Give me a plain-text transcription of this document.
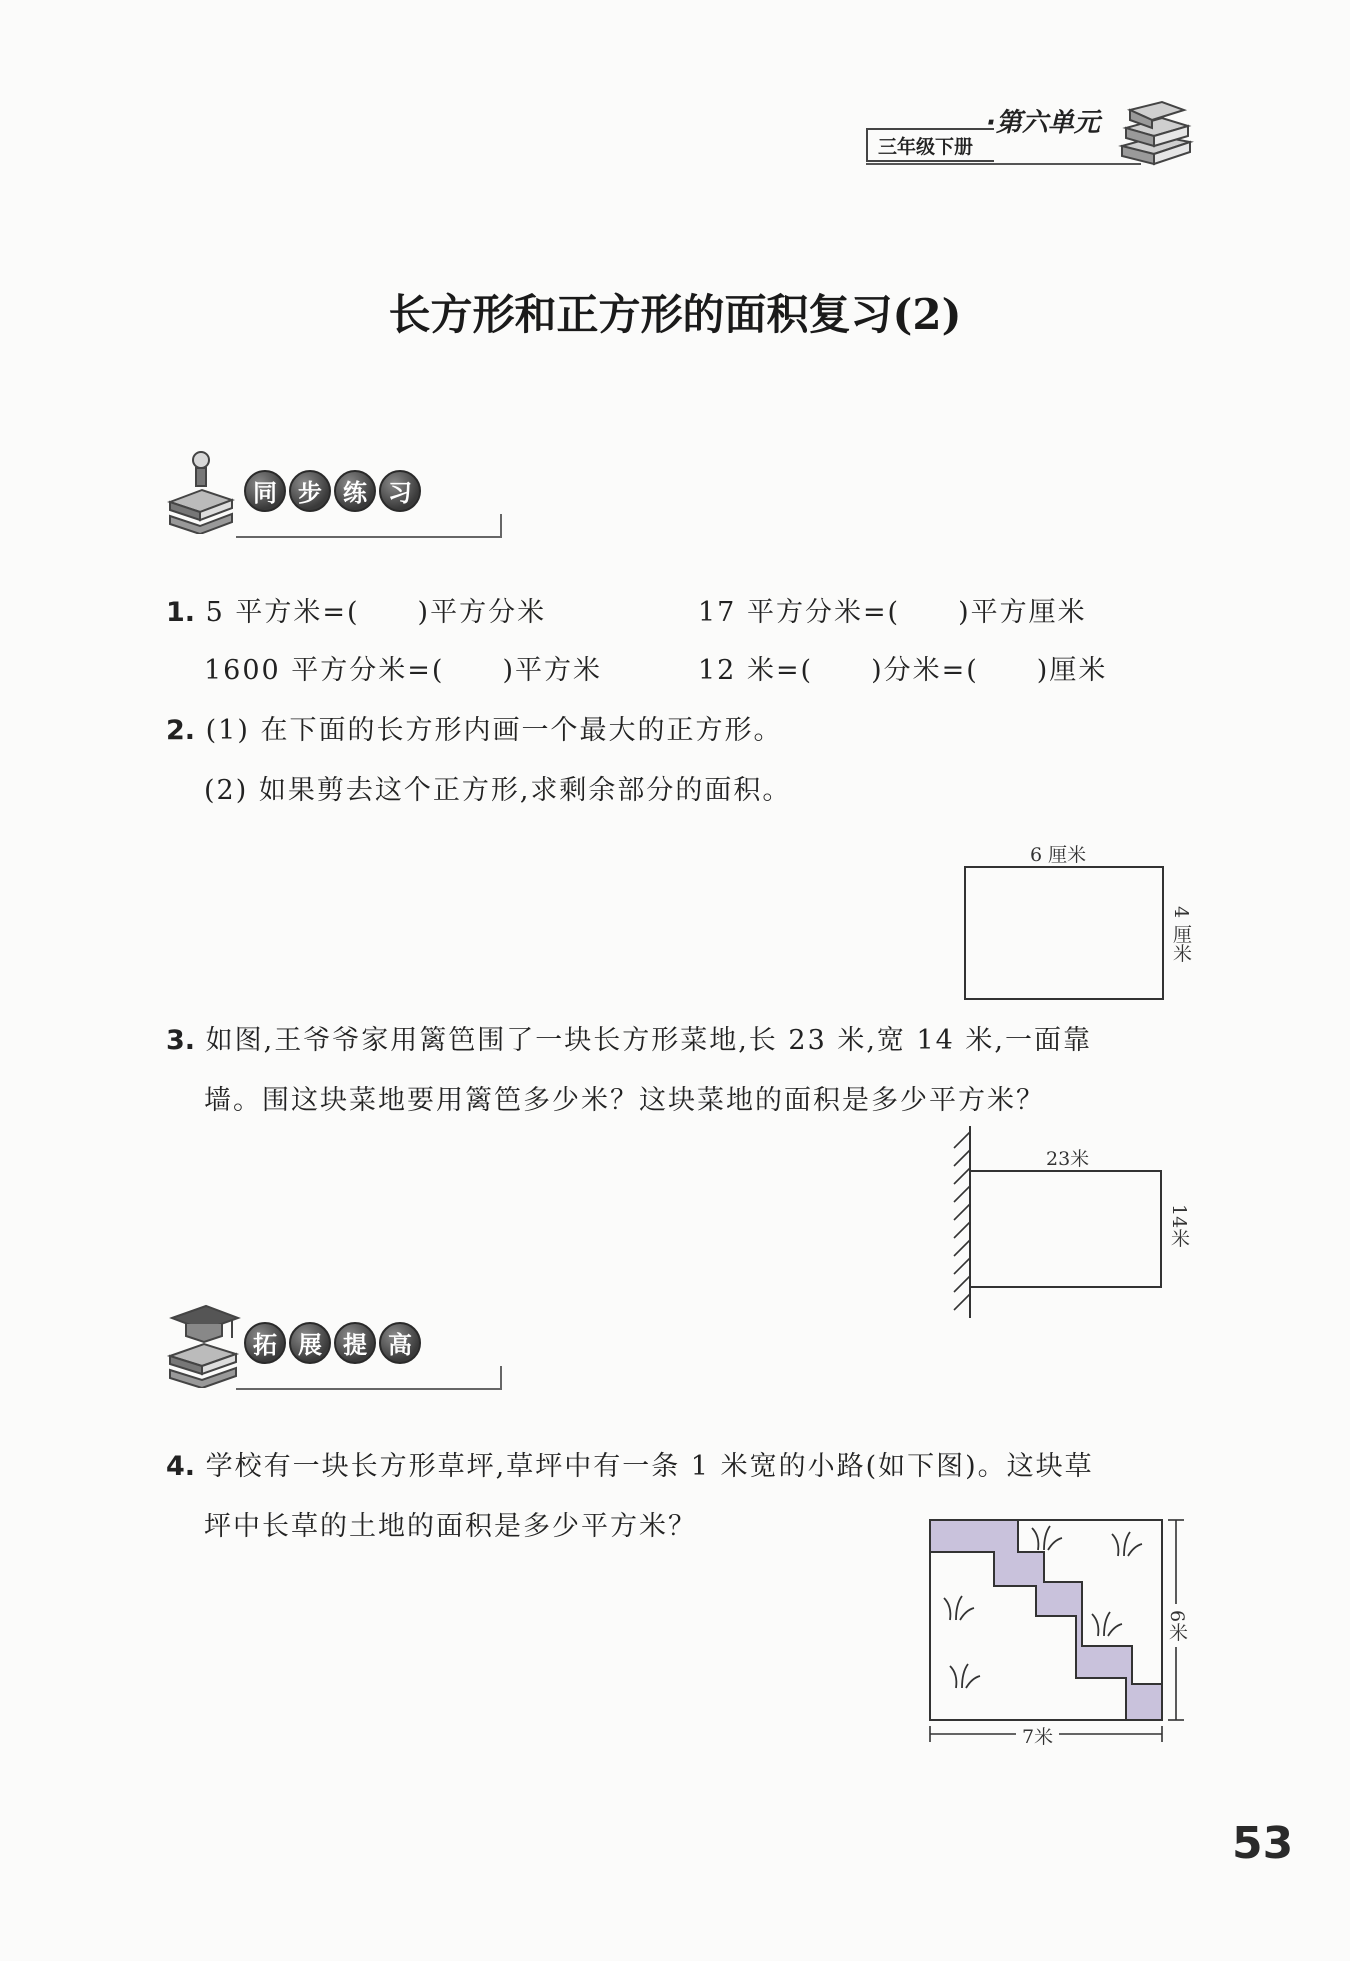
三年级下册
·第六单元
长方形和正方形的面积复习(2)
同 步 练 习
1. 5 平方米=(　　)平方分米	17 平方分米=(　　)平方厘米
1600 平方分米=(　　)平方米	12 米=(　　)分米=(　　)厘米
2. (1) 在下面的长方形内画一个最大的正方形。
(2) 如果剪去这个正方形,求剩余部分的面积。
6 厘米
4 厘米
3. 如图,王爷爷家用篱笆围了一块长方形菜地,长 23 米,宽 14 米,一面靠
墙。围这块菜地要用篱笆多少米？这块菜地的面积是多少平方米？
23米
14米
拓 展 提 高
4. 学校有一块长方形草坪,草坪中有一条 1 米宽的小路(如下图)。这块草
坪中长草的土地的面积是多少平方米？
7米
6米
53
